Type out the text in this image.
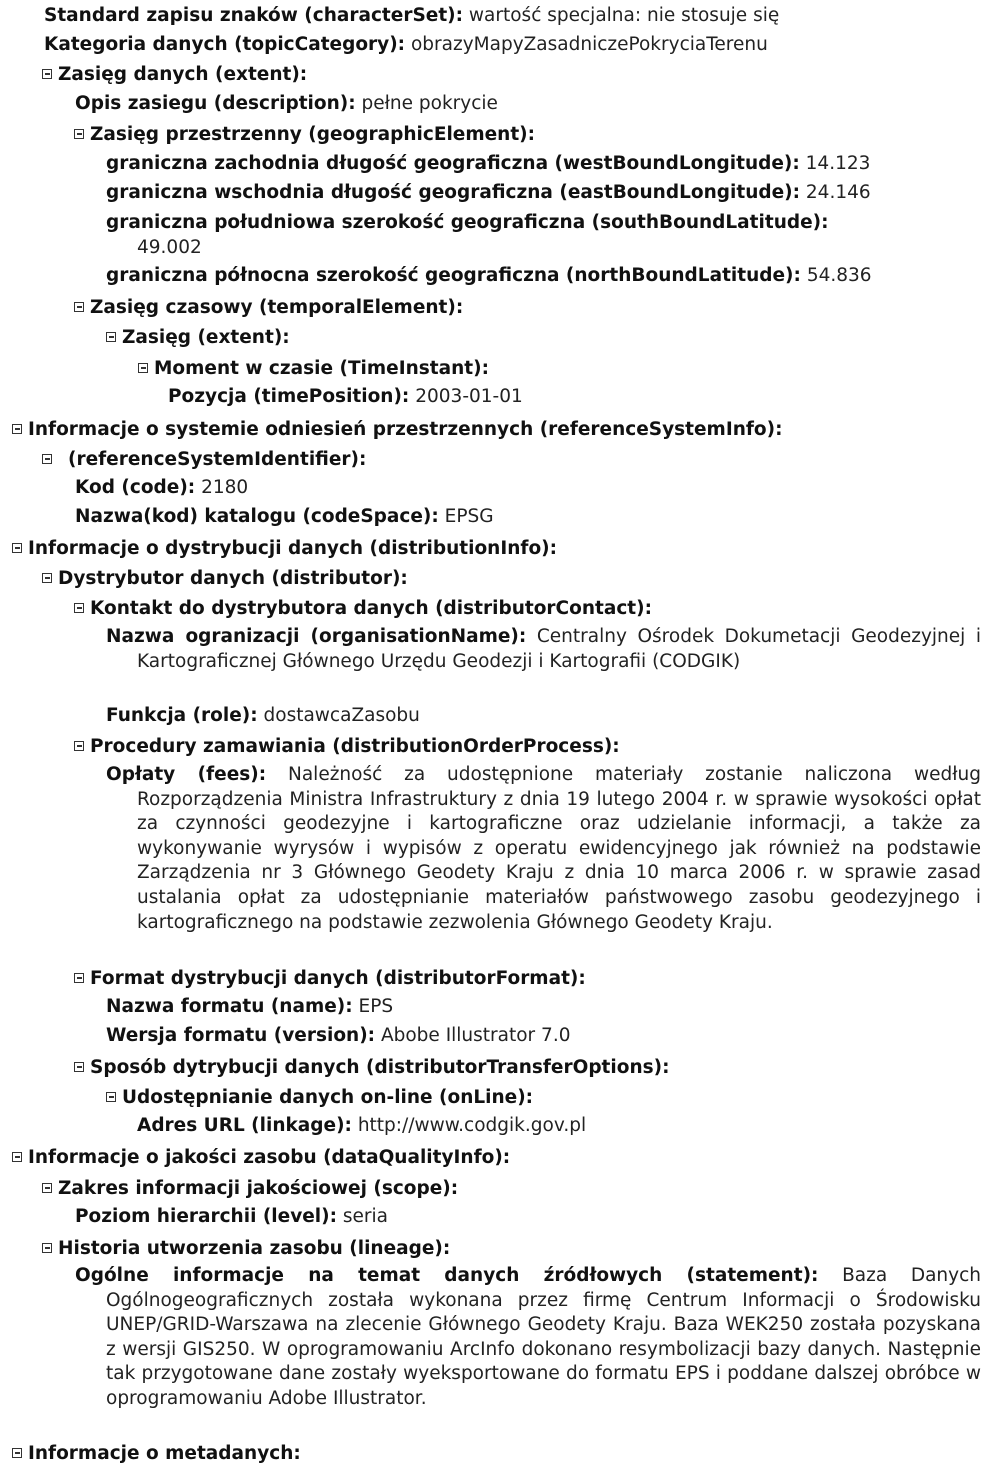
Standard zapisu znaków (characterSet): wartość specjalna: nie stosuje się
Kategoria danych (topicCategory): obrazyMapyZasadniczePokryciaTerenu
Zasięg danych (extent):
Opis zasiegu (description): pełne pokrycie
Zasięg przestrzenny (geographicElement):
graniczna zachodnia długość geograficzna (westBoundLongitude): 14.123
graniczna wschodnia długość geograficzna (eastBoundLongitude): 24.146
graniczna południowa szerokość geograficzna (southBoundLatitude):
49.002
graniczna północna szerokość geograficzna (northBoundLatitude): 54.836
Zasięg czasowy (temporalElement):
Zasięg (extent):
Moment w czasie (TimeInstant):
Pozycja (timePosition): 2003-01-01
Informacje o systemie odniesień przestrzennych (referenceSystemInfo):
(referenceSystemIdentifier):
Kod (code): 2180
Nazwa(kod) katalogu (codeSpace): EPSG
Informacje o dystrybucji danych (distributionInfo):
Dystrybutor danych (distributor):
Kontakt do dystrybutora danych (distributorContact):
Nazwa ogranizacji (organisationName): Centralny Ośrodek Dokumetacji Geodezyjnej i Kartograficznej Głównego Urzędu Geodezji i Kartografii (CODGIK)
Funkcja (role): dostawcaZasobu
Procedury zamawiania (distributionOrderProcess):
Opłaty (fees): Należność za udostępnione materiały zostanie naliczona według Rozporządzenia Ministra Infrastruktury z dnia 19 lutego 2004 r. w sprawie wysokości opłat za czynności geodezyjne i kartograficzne oraz udzielanie informacji, a także za wykonywanie wyrysów i wypisów z operatu ewidencyjnego jak również na podstawie Zarządzenia nr 3 Głównego Geodety Kraju z dnia 10 marca 2006 r. w sprawie zasad ustalania opłat za udostępnianie materiałów państwowego zasobu geodezyjnego i kartograficznego na podstawie zezwolenia Głównego Geodety Kraju.
Format dystrybucji danych (distributorFormat):
Nazwa formatu (name): EPS
Wersja formatu (version): Abobe Illustrator 7.0
Sposób dytrybucji danych (distributorTransferOptions):
Udostępnianie danych on-line (onLine):
Adres URL (linkage): http://www.codgik.gov.pl
Informacje o jakości zasobu (dataQualityInfo):
Zakres informacji jakościowej (scope):
Poziom hierarchii (level): seria
Historia utworzenia zasobu (lineage):
Ogólne informacje na temat danych źródłowych (statement): Baza Danych Ogólnogeograficznych została wykonana przez firmę Centrum Informacji o Środowisku UNEP/GRID-Warszawa na zlecenie Głównego Geodety Kraju. Baza WEK250 została pozyskana z wersji GIS250. W oprogramowaniu ArcInfo dokonano resymbolizacji bazy danych. Następnie tak przygotowane dane zostały wyeksportowane do formatu EPS i poddane dalszej obróbce w oprogramowaniu Adobe Illustrator.
Informacje o metadanych:
